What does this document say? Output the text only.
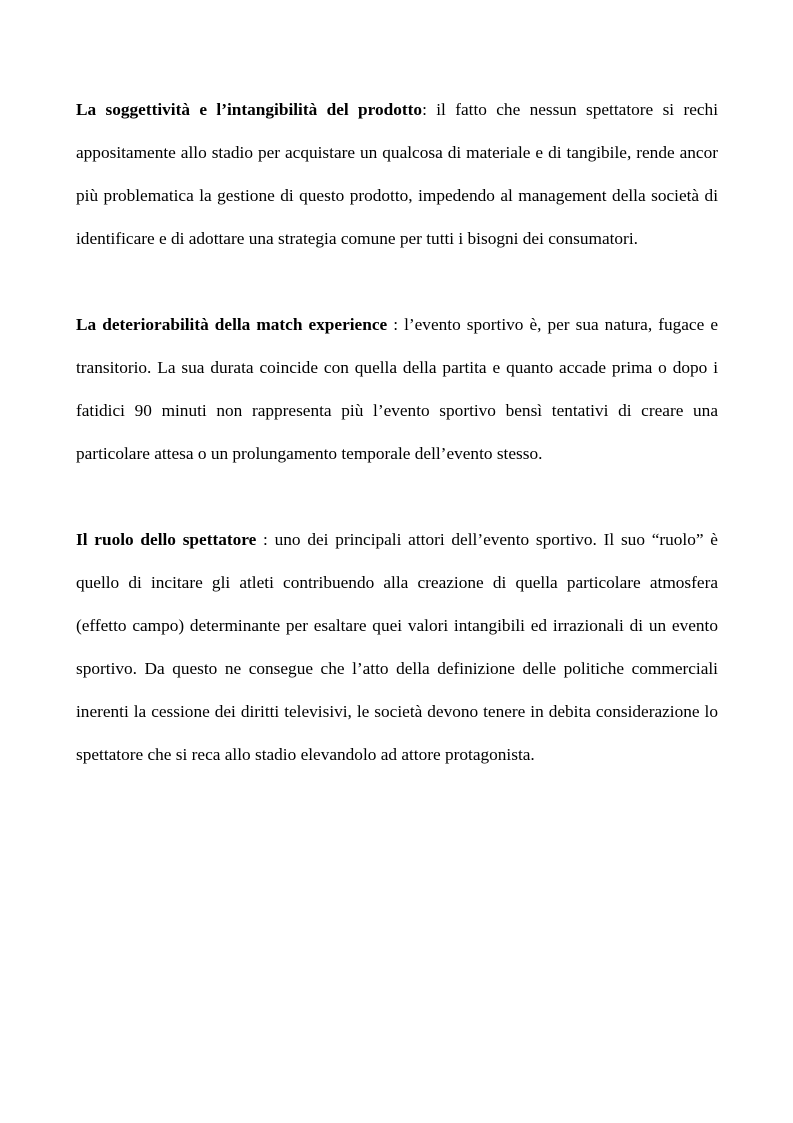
La soggettività e l’intangibilità del prodotto: il fatto che nessun spettatore si rechi appositamente allo stadio per acquistare un qualcosa di materiale e di tangibile, rende ancor più problematica la gestione di questo prodotto, impedendo al management della società di identificare e di adottare una strategia comune per tutti i bisogni dei consumatori.

La deteriorabilità della match experience : l’evento sportivo è, per sua natura, fugace e transitorio. La sua durata coincide con quella della partita e quanto accade prima o dopo i fatidici 90 minuti non rappresenta più l’evento sportivo bensì tentativi di creare una particolare attesa o un prolungamento temporale dell’evento stesso.

Il ruolo dello spettatore : uno dei principali attori dell’evento sportivo. Il suo “ruolo” è quello di incitare gli atleti contribuendo alla creazione di quella particolare atmosfera (effetto campo) determinante per esaltare quei valori intangibili ed irrazionali di un evento sportivo. Da questo ne consegue che l’atto della definizione delle politiche commerciali inerenti la cessione dei diritti televisivi, le società devono tenere in debita considerazione lo spettatore che si reca allo stadio elevandolo ad attore protagonista.
